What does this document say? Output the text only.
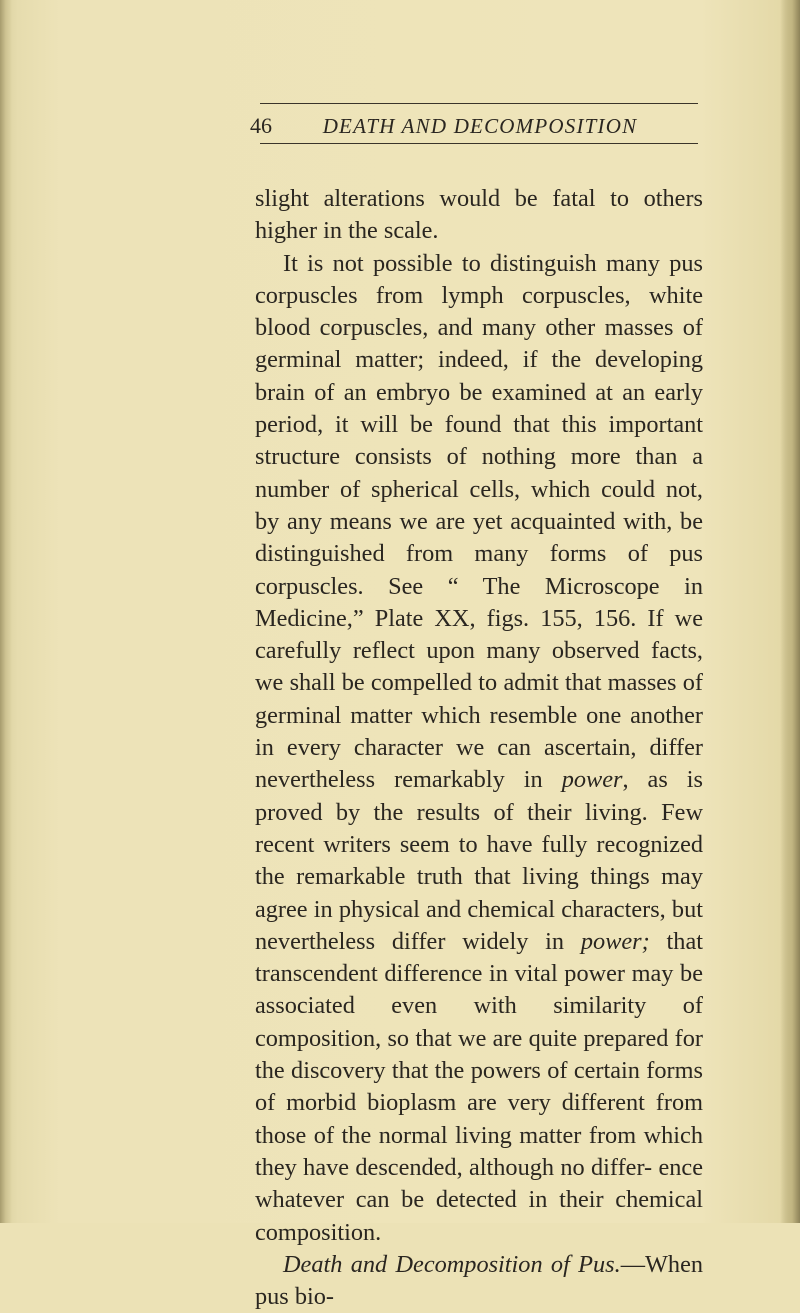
46	DEATH AND DECOMPOSITION

slight alterations would be fatal to others higher in the scale.

It is not possible to distinguish many pus corpuscles from lymph corpuscles, white blood corpuscles, and many other masses of germinal matter; indeed, if the developing brain of an embryo be examined at an early period, it will be found that this important structure consists of nothing more than a number of spherical cells, which could not, by any means we are yet acquainted with, be distinguished from many forms of pus corpuscles. See “ The Microscope in Medicine,” Plate XX, figs. 155, 156. If we carefully reflect upon many observed facts, we shall be compelled to admit that masses of germinal matter which resemble one another in every character we can ascertain, differ nevertheless remarkably in power, as is proved by the results of their living. Few recent writers seem to have fully recognized the remarkable truth that living things may agree in physical and chemical characters, but nevertheless differ widely in power; that transcendent difference in vital power may be associated even with similarity of composition, so that we are quite prepared for the discovery that the powers of certain forms of morbid bioplasm are very different from those of the normal living matter from which they have descended, although no differ- ence whatever can be detected in their chemical composition.

Death and Decomposition of Pus.—When pus bio-
